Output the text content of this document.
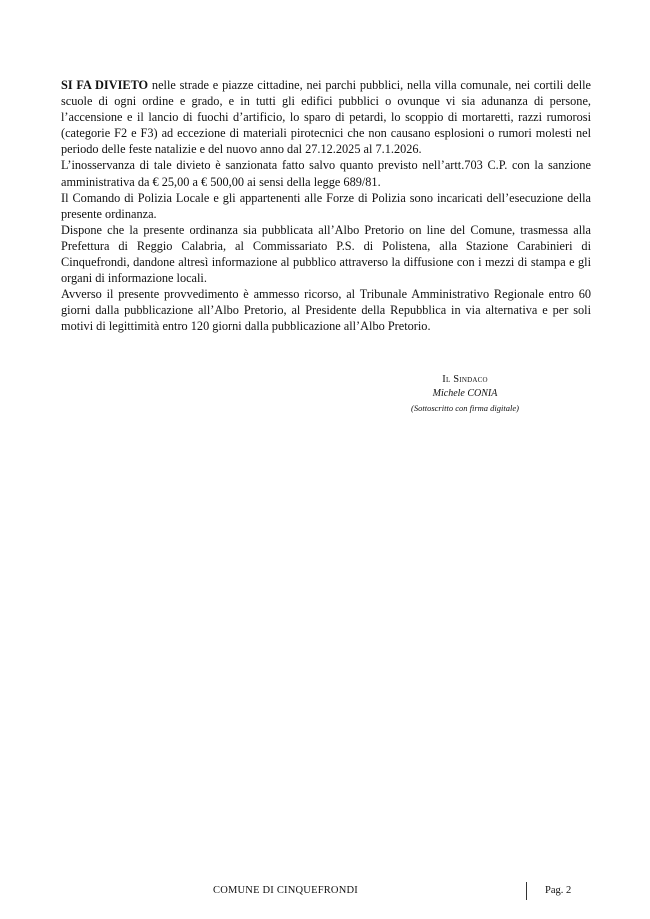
SI FA DIVIETO nelle strade e piazze cittadine, nei parchi pubblici, nella villa comunale, nei cortili delle scuole di ogni ordine e grado, e in tutti gli edifici pubblici o ovunque vi sia adunanza di persone, l’accensione e il lancio di fuochi d’artificio, lo sparo di petardi, lo scoppio di mortaretti, razzi rumorosi (categorie F2 e F3) ad eccezione di materiali pirotecnici che non causano esplosioni o rumori molesti nel periodo delle feste natalizie e del nuovo anno dal 27.12.2025 al 7.1.2026.

L’inosservanza di tale divieto è sanzionata fatto salvo quanto previsto nell’artt.703 C.P. con la sanzione amministrativa da € 25,00 a € 500,00 ai sensi della legge 689/81.

Il Comando di Polizia Locale e gli appartenenti alle Forze di Polizia sono incaricati dell’esecuzione della presente ordinanza.

Dispone che la presente ordinanza sia pubblicata all’Albo Pretorio on line del Comune, trasmessa alla Prefettura di Reggio Calabria, al Commissariato P.S. di Polistena, alla Stazione Carabinieri di Cinquefrondi, dandone altresì informazione al pubblico attraverso la diffusione con i mezzi di stampa e gli organi di informazione locali.

Avverso il presente provvedimento è ammesso ricorso, al Tribunale Amministrativo Regionale entro 60 giorni dalla pubblicazione all’Albo Pretorio, al Presidente della Repubblica in via alternativa e per soli motivi di legittimità entro 120 giorni dalla pubblicazione all’Albo Pretorio.

Il Sindaco
Michele CONIA
(Sottoscritto con firma digitale)
COMUNE DI CINQUEFRONDI	Pag. 2
